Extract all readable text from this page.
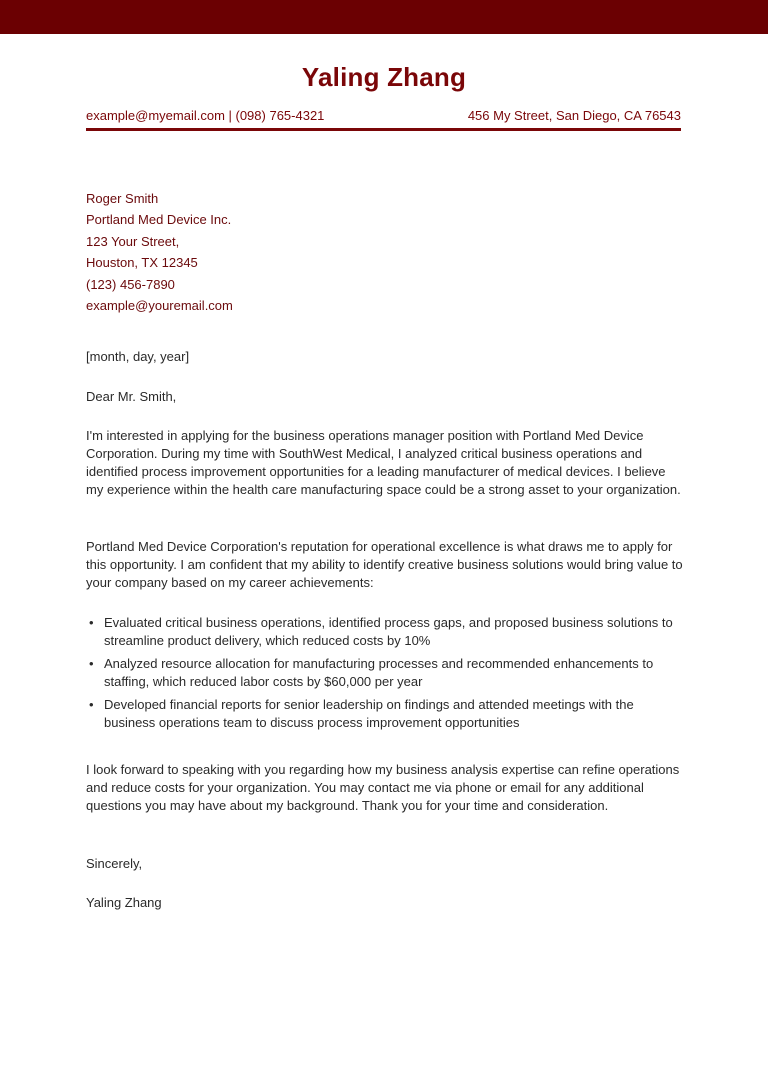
Yaling Zhang
example@myemail.com | (098) 765-4321	456 My Street, San Diego, CA 76543
Roger Smith
Portland Med Device Inc.
123 Your Street,
Houston, TX 12345
(123) 456-7890
example@youremail.com
[month, day, year]
Dear Mr. Smith,
I'm interested in applying for the business operations manager position with Portland Med Device Corporation. During my time with SouthWest Medical, I analyzed critical business operations and identified process improvement opportunities for a leading manufacturer of medical devices. I believe my experience within the health care manufacturing space could be a strong asset to your organization.
Portland Med Device Corporation's reputation for operational excellence is what draws me to apply for this opportunity. I am confident that my ability to identify creative business solutions would bring value to your company based on my career achievements:
• Evaluated critical business operations, identified process gaps, and proposed business solutions to streamline product delivery, which reduced costs by 10%
• Analyzed resource allocation for manufacturing processes and recommended enhancements to staffing, which reduced labor costs by $60,000 per year
• Developed financial reports for senior leadership on findings and attended meetings with the business operations team to discuss process improvement opportunities
I look forward to speaking with you regarding how my business analysis expertise can refine operations and reduce costs for your organization. You may contact me via phone or email for any additional questions you may have about my background. Thank you for your time and consideration.
Sincerely,
Yaling Zhang
